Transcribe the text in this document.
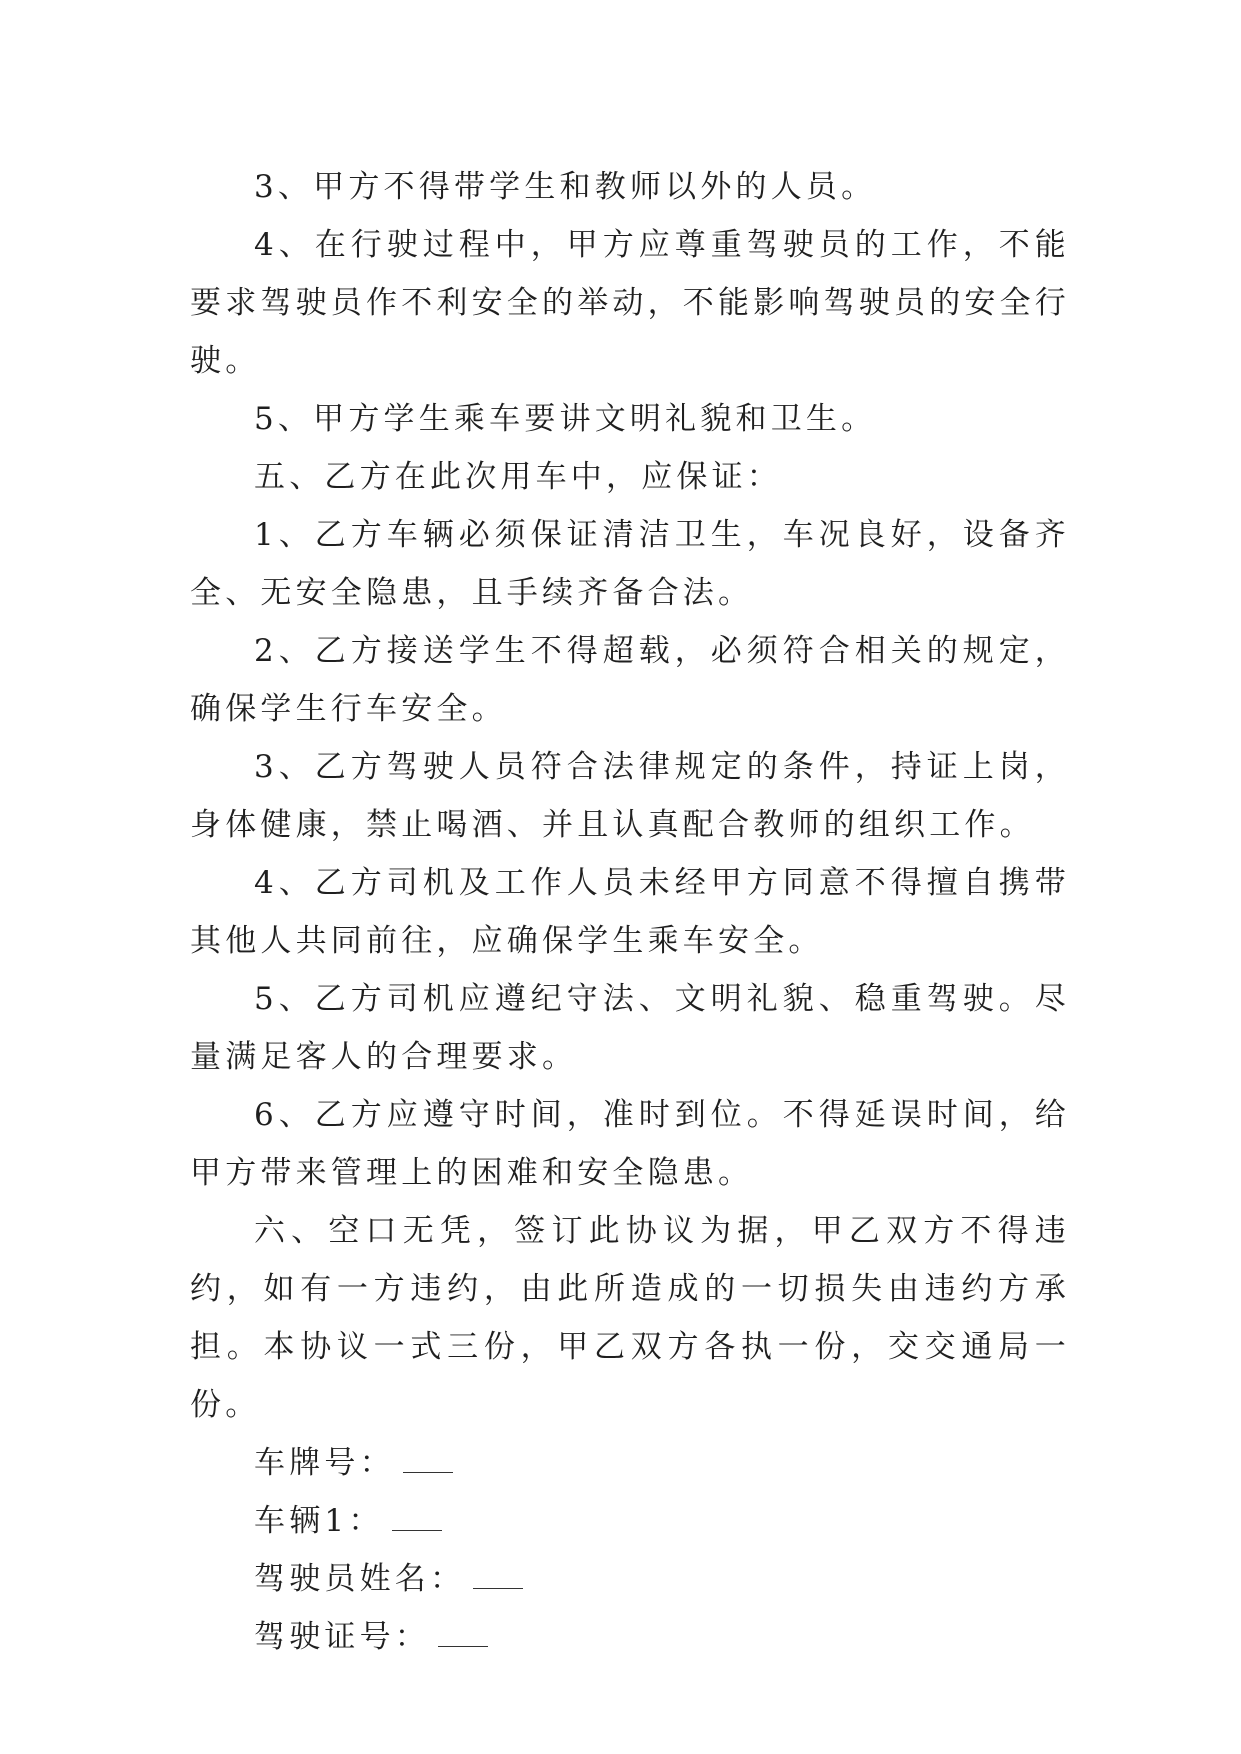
3、甲方不得带学生和教师以外的人员。

4、在行驶过程中，甲方应尊重驾驶员的工作，不能要求驾驶员作不利安全的举动，不能影响驾驶员的安全行驶。

5、甲方学生乘车要讲文明礼貌和卫生。

五、乙方在此次用车中，应保证：

1、乙方车辆必须保证清洁卫生，车况良好，设备齐全、无安全隐患，且手续齐备合法。

2、乙方接送学生不得超载，必须符合相关的规定，确保学生行车安全。

3、乙方驾驶人员符合法律规定的条件，持证上岗，身体健康，禁止喝酒、并且认真配合教师的组织工作。

4、乙方司机及工作人员未经甲方同意不得擅自携带其他人共同前往，应确保学生乘车安全。

5、乙方司机应遵纪守法、文明礼貌、稳重驾驶。尽量满足客人的合理要求。

6、乙方应遵守时间，准时到位。不得延误时间，给甲方带来管理上的困难和安全隐患。

六、空口无凭，签订此协议为据，甲乙双方不得违约，如有一方违约，由此所造成的一切损失由违约方承担。本协议一式三份，甲乙双方各执一份，交交通局一份。

车牌号：

车辆1：

驾驶员姓名：

驾驶证号：
